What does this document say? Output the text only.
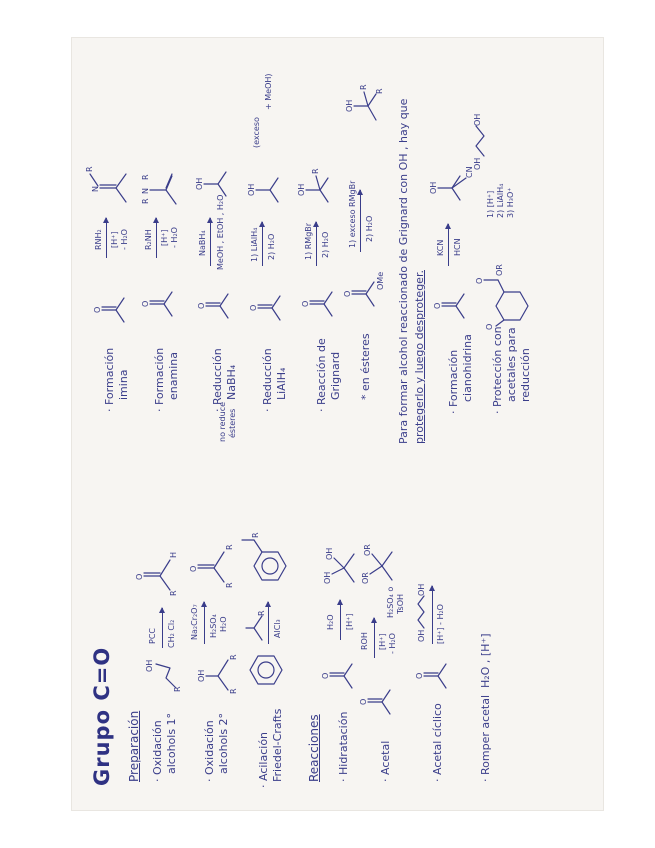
Grupo C=O Preparación · Oxidación alcohols 1°
OH
R
PCC CH₂ Cl₂
O
R
H
· Oxidación alcohols 2°
OH
R
R
Na₂Cr₂O₇ H₂SO₄ H₂O
O
R
R
· Acilación Friedel-Crafts
R
AlCl₃
R
Reacciones · Hidratación
O
H₂O [H⁺]
OH
OH
· Acetal
O
ROH [H⁺] - H₂O
H₂SO₄ o TsOH
OR
OR
· Acetal cíclico
O
OH
OH
[H⁺] - H₂O
· Romper acetal
H₂O , [H⁺]
· Formación imina
O
RNH₂ [H⁺] - H₂O
N
R
· Formación enamina
O
R₂NH [H⁺] - H₂O
R
N
R
· Reducción NaBH₄
no reduce ésteres
O
NaBH₄ MeOH , EtOH , H₂O
OH
· Reducción LiAlH₄
O
1) LiAlH₄ 2) H₂O
OH
(exceso
+ MeOH)
· Reacción de Grignard
O
1) RMgBr 2) H₂O
OH
R
* en ésteres
O
OMe
1) exceso RMgBr 2) H₂O
OH
R
R
Para formar alcohol reaccionado de Grignard con OH , hay que protegerlo y luego desproteger. · Formación cianohidrina
O
KCN HCN
OH
CN
· Protección con acetales para reducción
O
O
OR
1) [H⁺] 2) LiAlH₄ 3) H₃O⁺
OH
OH
